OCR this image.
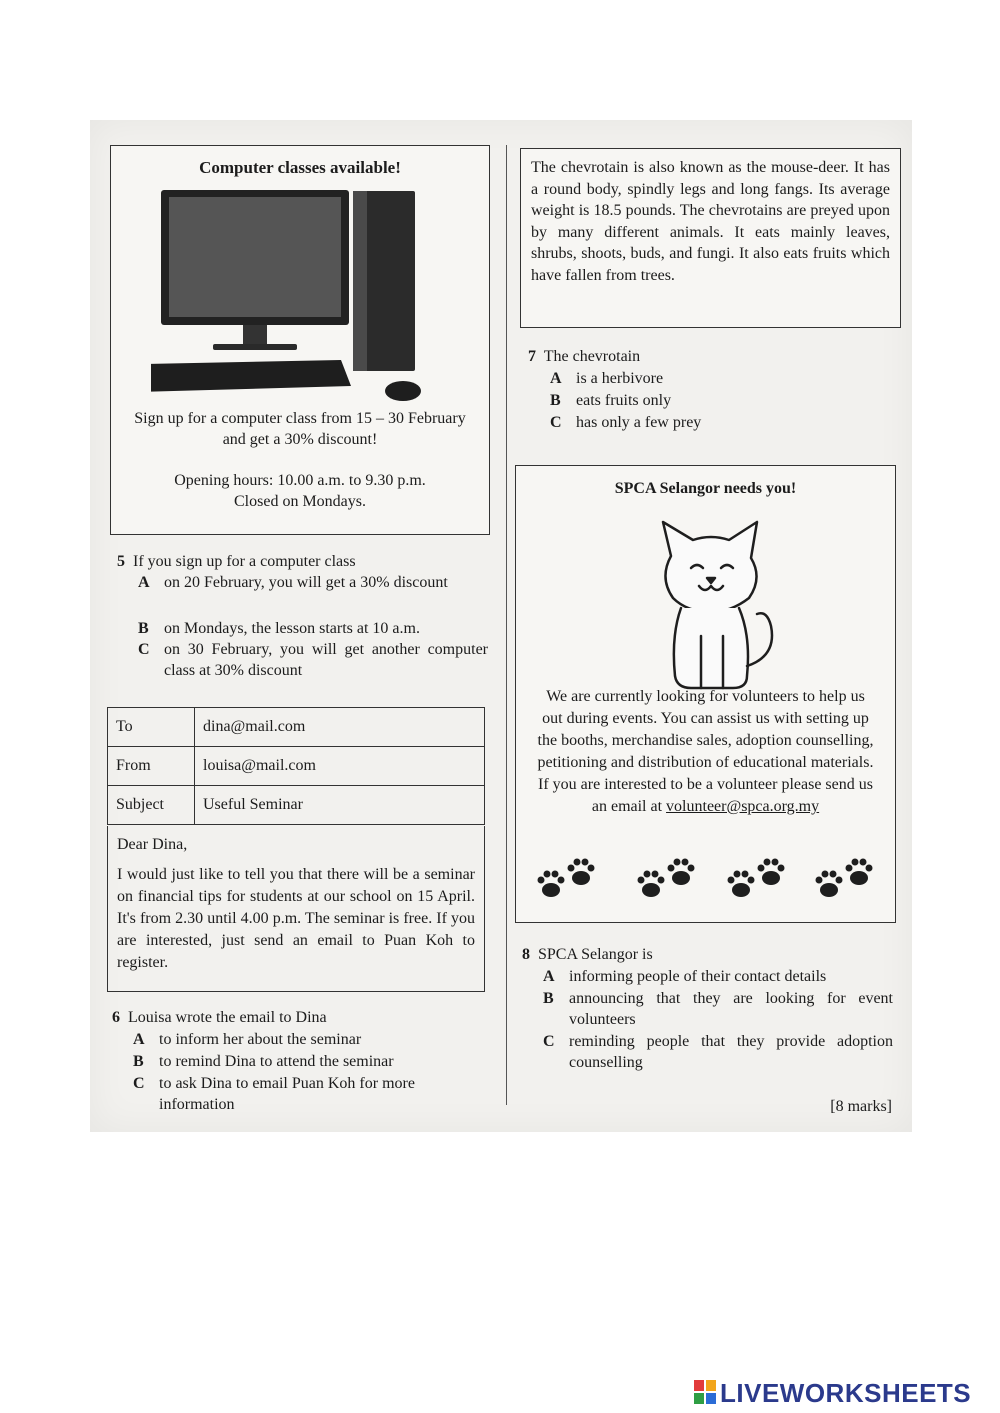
Computer classes available!
Sign up for a computer class from 15 – 30 February and get a 30% discount!
Opening hours: 10.00 a.m. to 9.30 p.m.
Closed on Mondays.
5 If you sign up for a computer class
A on 20 February, you will get a 30% discount
B on Mondays, the lesson starts at 10 a.m.
C on 30 February, you will get another computer class at 30% discount
To	dina@mail.com
From	louisa@mail.com
Subject	Useful Seminar
Dear Dina,
I would just like to tell you that there will be a seminar on financial tips for students at our school on 15 April. It's from 2.30 until 4.00 p.m. The seminar is free. If you are interested, just send an email to Puan Koh to register.
6 Louisa wrote the email to Dina
A to inform her about the seminar
B to remind Dina to attend the seminar
C to ask Dina to email Puan Koh for more information
The chevrotain is also known as the mouse-deer. It has a round body, spindly legs and long fangs. Its average weight is 18.5 pounds. The chevrotains are preyed upon by many different animals. It eats mainly leaves, shrubs, shoots, buds, and fungi. It also eats fruits which have fallen from trees.
7 The chevrotain
A is a herbivore
B eats fruits only
C has only a few prey
SPCA Selangor needs you!
We are currently looking for volunteers to help us out during events. You can assist us with setting up the booths, merchandise sales, adoption counselling, petitioning and distribution of educational materials. If you are interested to be a volunteer please send us an email at volunteer@spca.org.my
8 SPCA Selangor is
A informing people of their contact details
B announcing that they are looking for event volunteers
C reminding people that they provide adoption counselling
[8 marks]
LIVEWORKSHEETS
